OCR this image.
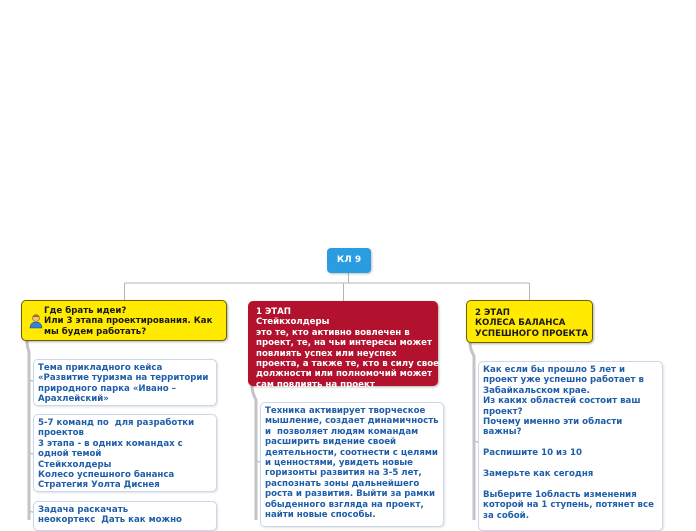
КЛ 9
Где брать идеи?
Или 3 этапа проектирования. Как
мы будем работать?
Тема прикладного кейса  
«Развитие туризма на территории
природного парка «Ивано –
Арахлейский»
5-7 команд по  для разработки
проектов
3 этапа - в одних командах с
одной темой
Стейкхолдеры
Колесо успешного бананса
Стратегия Уолта Диснея
Задача раскачать
неокортекс  Дать как можно
1 ЭТАП
Стейкхолдеры
это те, кто активно вовлечен в
проект, те, на чьи интересы может
повлиять успех или неуспех
проекта, а также те, кто в силу своей
должности или полномочий может
сам повлиять на проект
Техника активирует творческое
мышление, создает динамичность
и  позволяет людям командам
расширить видение своей
деятельности, соотнести с целями
и ценностями, увидеть новые
горизонты развития на 3-5 лет,
распознать зоны дальнейшего
роста и развития. Выйти за рамки
обыденного взгляда на проект,
найти новые способы.
2 ЭТАП
КОЛЕСА БАЛАНСА
УСПЕШНОГО ПРОЕКТА
Как если бы прошло 5 лет и
проект уже успешно работает в
Забайкальском крае.
Из каких областей состоит ваш
проект?
Почему именно эти области
важны?

Распишите 10 из 10

Замерьте как сегодня

Выберите 1область изменения
которой на 1 ступень, потянет все
за собой.
